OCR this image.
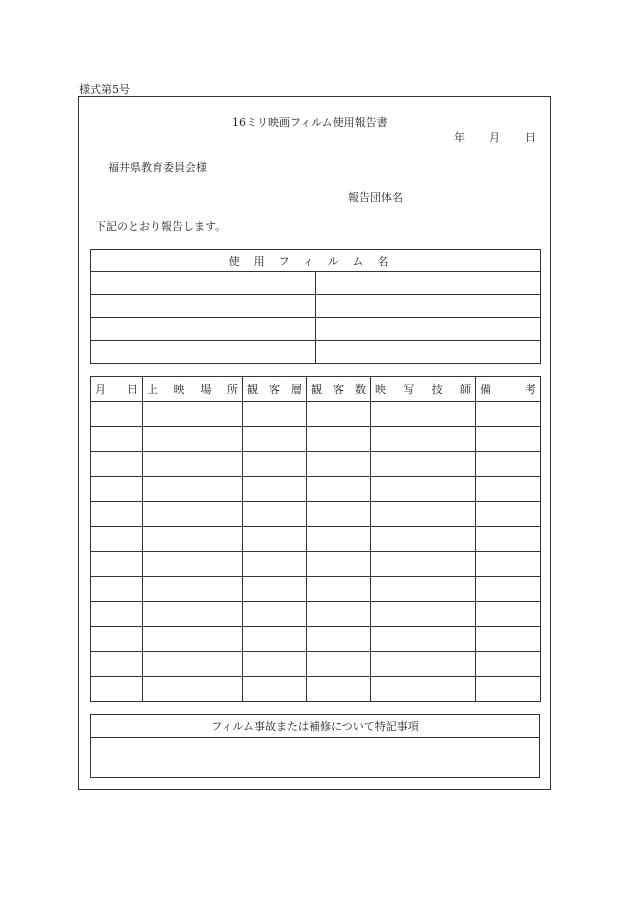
様式第5号
16ミリ映画フィルム使用報告書
年 月 日
福井県教育委員会様
報告団体名
下記のとおり報告します。
使用フィルム名	

月 日	上 映 場 所	観 客 層	観 客 数	映 写 技 師	備 考

フィルム事故または補修について特記事項
